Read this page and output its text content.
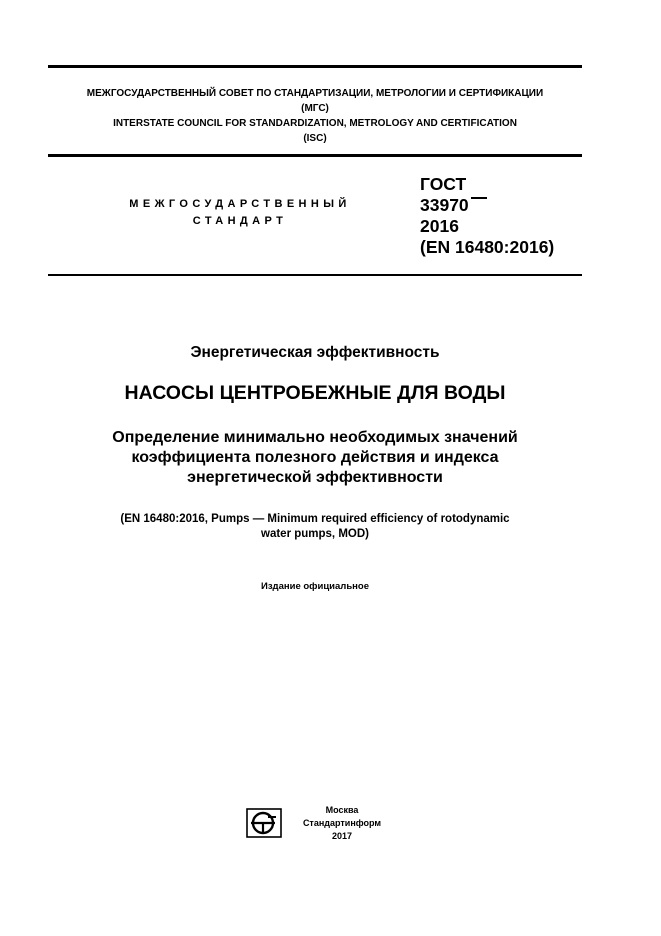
МЕЖГОСУДАРСТВЕННЫЙ СОВЕТ ПО СТАНДАРТИЗАЦИИ, МЕТРОЛОГИИ И СЕРТИФИКАЦИИ
(МГС)
INTERSTATE COUNCIL FOR STANDARDIZATION, METROLOGY AND CERTIFICATION
(ISC)
МЕЖГОСУДАРСТВЕННЫЙ
СТАНДАРТ
ГОСТ
33970
2016
(EN 16480:2016)
Энергетическая эффективность
НАСОСЫ ЦЕНТРОБЕЖНЫЕ ДЛЯ ВОДЫ
Определение минимально необходимых значений
коэффициента полезного действия и индекса
энергетической эффективности
(EN 16480:2016, Pumps — Minimum required efficiency of rotodynamic
water pumps, MOD)
Издание официальное
Москва
Стандартинформ
2017
